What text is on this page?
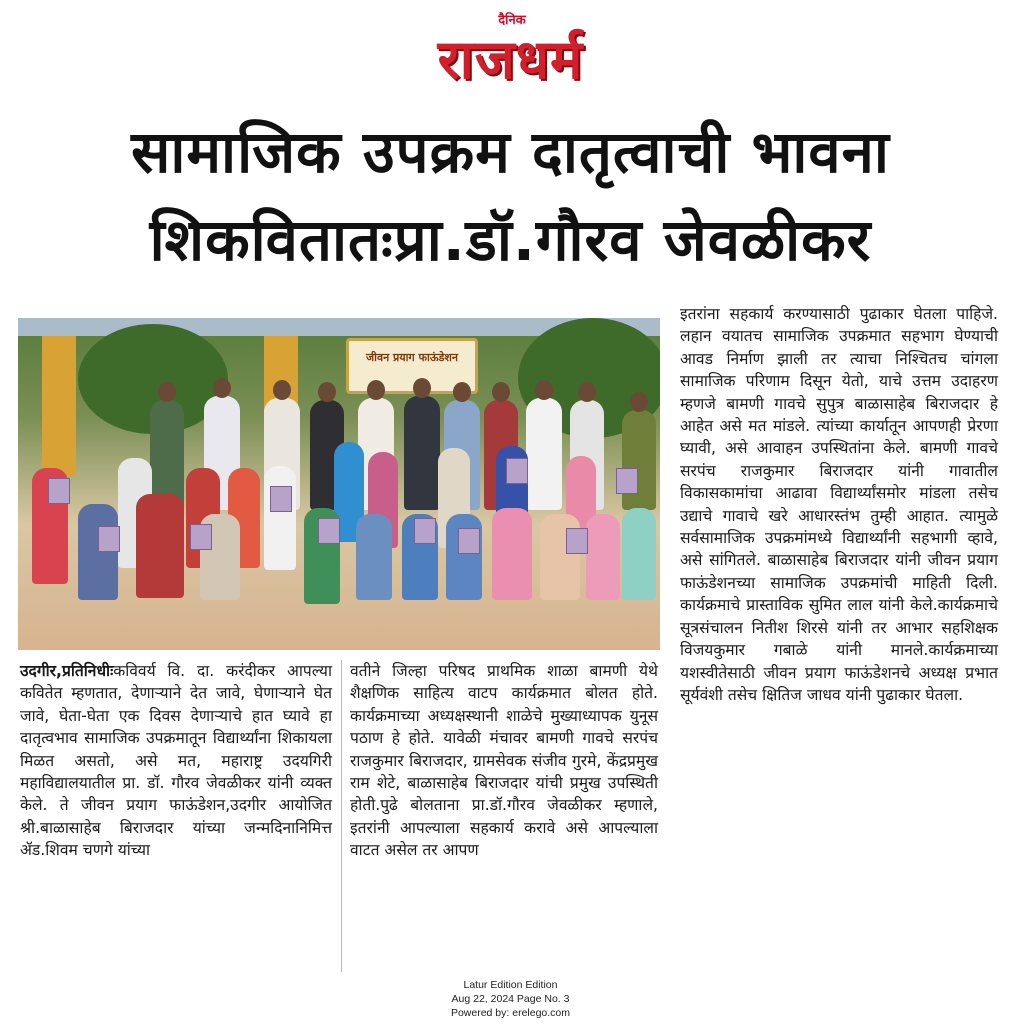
दैनिक
राजधर्म
सामाजिक उपक्रम दातृत्वाची भावना
शिकवितातःप्रा.डॉ.गौरव जेवळीकर
जीवन प्रयाग फाऊंडेशन

इतरांना सहकार्य करण्यासाठी पुढाकार घेतला पाहिजे. लहान वयातच सामाजिक उपक्रमात सहभाग घेण्याची आवड निर्माण झाली तर त्याचा निश्चितच चांगला सामाजिक परिणाम दिसून येतो, याचे उत्तम उदाहरण म्हणजे बामणी गावचे सुपुत्र बाळासाहेब बिराजदार हे आहेत असे मत मांडले. त्यांच्या कार्यातून आपणही प्रेरणा घ्यावी, असे आवाहन उपस्थितांना केले. बामणी गावचे सरपंच राजकुमार बिराजदार यांनी गावातील विकासकामांचा आढावा विद्यार्थ्यांसमोर मांडला तसेच उद्याचे गावाचे खरे आधारस्तंभ तुम्ही आहात. त्यामुळे सर्वसामाजिक उपक्रमांमध्ये विद्यार्थ्यांनी सहभागी व्हावे, असे सांगितले. बाळासाहेब बिराजदार यांनी जीवन प्रयाग फाऊंडेशनच्या सामाजिक उपक्रमांची माहिती दिली. कार्यक्रमाचे प्रास्ताविक सुमित लाल यांनी केले.कार्यक्रमाचे सूत्रसंचालन नितीश शिरसे यांनी तर आभार सहशिक्षक विजयकुमार गबाळे यांनी मानले.कार्यक्रमाच्या यशस्वीतेसाठी जीवन प्रयाग फाऊंडेशनचे अध्यक्ष प्रभात सूर्यवंशी तसेच क्षितिज जाधव यांनी पुढाकार घेतला.

उदगीर,प्रतिनिधीःकविवर्य वि. दा. करंदीकर आपल्या कवितेत म्हणतात, देणाऱ्याने देत जावे, घेणाऱ्याने घेत जावे, घेता-घेता एक दिवस देणाऱ्याचे हात घ्यावे हा दातृत्वभाव सामाजिक उपक्रमातून विद्यार्थ्यांना शिकायला मिळत असतो, असे मत, महाराष्ट्र उदयगिरी महाविद्यालयातील प्रा. डॉ. गौरव जेवळीकर यांनी व्यक्त केले. ते जीवन प्रयाग फाऊंडेशन,उदगीर आयोजित श्री.बाळासाहेब बिराजदार यांच्या जन्मदिनानिमित्त ॲड.शिवम चणगे यांच्या

वतीने जिल्हा परिषद प्राथमिक शाळा बामणी येथे शैक्षणिक साहित्य वाटप कार्यक्रमात बोलत होते. कार्यक्रमाच्या अध्यक्षस्थानी शाळेचे मुख्याध्यापक युनूस पठाण हे होते. यावेळी मंचावर बामणी गावचे सरपंच राजकुमार बिराजदार, ग्रामसेवक संजीव गुरमे, केंद्रप्रमुख राम शेटे, बाळासाहेब बिराजदार यांची प्रमुख उपस्थिती होती.पुढे बोलताना प्रा.डॉ.गौरव जेवळीकर म्हणाले, इतरांनी आपल्याला सहकार्य करावे असे आपल्याला वाटत असेल तर आपण

Latur Edition Edition
Aug 22, 2024 Page No. 3
Powered by: erelego.com
